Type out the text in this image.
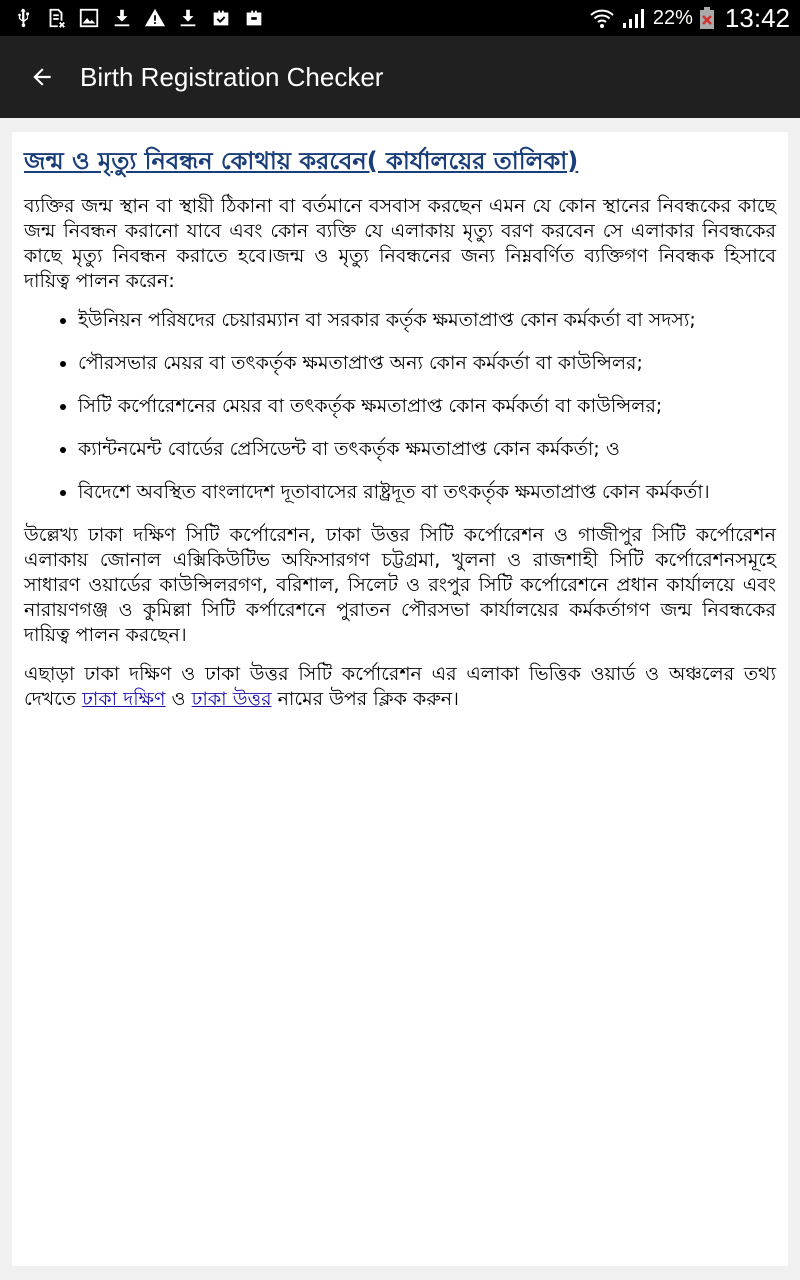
22% 13:42
Birth Registration Checker
জন্ম ও মৃত্যু নিবন্ধন কোথায় করবেন( কার্যালয়ের তালিকা)

ব্যক্তির জন্ম স্থান বা স্থায়ী ঠিকানা বা বর্তমানে বসবাস করছেন এমন যে কোন স্থানের নিবন্ধকের কাছে জন্ম নিবন্ধন করানো যাবে এবং কোন ব্যক্তি যে এলাকায় মৃত্যু বরণ করবেন সে এলাকার নিবন্ধকের কাছে মৃত্যু নিবন্ধন করাতে হবে।জন্ম ও মৃত্যু নিবন্ধনের জন্য নিম্নবর্ণিত ব্যক্তিগণ নিবন্ধক হিসাবে দায়িত্ব পালন করেন:

• ইউনিয়ন পরিষদের চেয়ারম্যান বা সরকার কর্তৃক ক্ষমতাপ্রাপ্ত কোন কর্মকর্তা বা সদস্য;
• পৌরসভার মেয়র বা তৎকর্তৃক ক্ষমতাপ্রাপ্ত অন্য কোন কর্মকর্তা বা কাউন্সিলর;
• সিটি কর্পোরেশনের মেয়র বা তৎকর্তৃক ক্ষমতাপ্রাপ্ত কোন কর্মকর্তা বা কাউন্সিলর;
• ক্যান্টনমেন্ট বোর্ডের প্রেসিডেন্ট বা তৎকর্তৃক ক্ষমতাপ্রাপ্ত কোন কর্মকর্তা; ও
• বিদেশে অবস্থিত বাংলাদেশ দূতাবাসের রাষ্ট্রদূত বা তৎকর্তৃক ক্ষমতাপ্রাপ্ত কোন কর্মকর্তা।

উল্লেখ্য ঢাকা দক্ষিণ সিটি কর্পোরেশন, ঢাকা উত্তর সিটি কর্পোরেশন ও গাজীপুর সিটি কর্পোরেশন এলাকায় জোনাল এক্সিকিউটিভ অফিসারগণ চট্টগ্রমা, খুলনা ও রাজশাহী সিটি কর্পোরেশনসমূহে সাধারণ ওয়ার্ডের কাউন্সিলরগণ, বরিশাল, সিলেট ও রংপুর সিটি কর্পোরেশনে প্রধান কার্যালয়ে এবং নারায়ণগঞ্জ ও কুমিল্লা সিটি কর্পারেশনে পুরাতন পৌরসভা কার্যালয়ের কর্মকর্তাগণ জন্ম নিবন্ধকের দায়িত্ব পালন করছেন।

এছাড়া ঢাকা দক্ষিণ ও ঢাকা উত্তর সিটি কর্পোরেশন এর এলাকা ভিত্তিক ওয়ার্ড ও অঞ্চলের তথ্য দেখতে ঢাকা দক্ষিণ ও ঢাকা উত্তর নামের উপর ক্লিক করুন।
